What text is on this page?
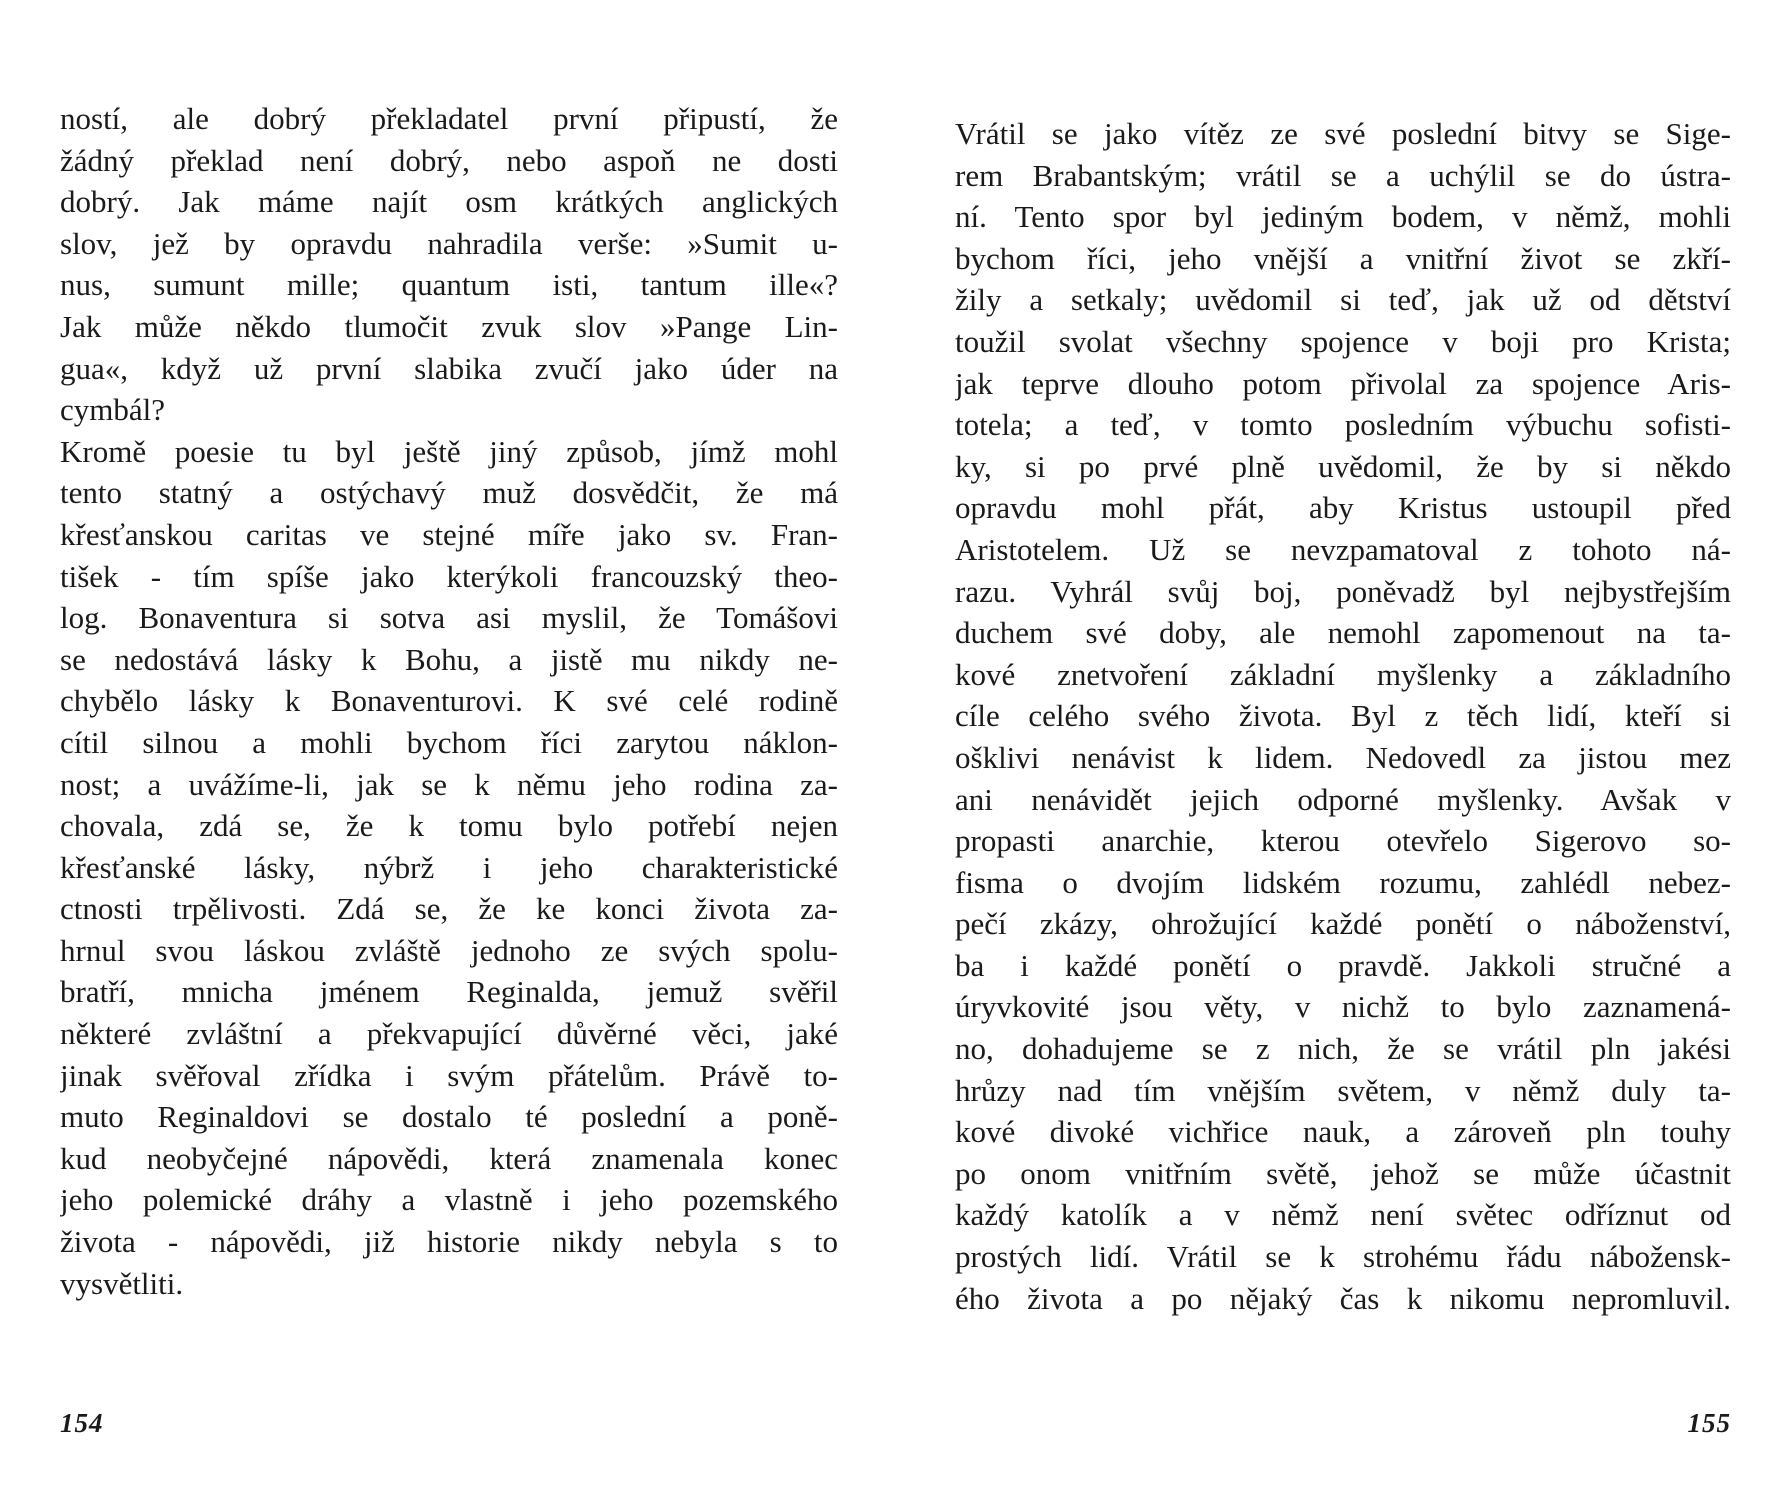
ností, ale dobrý překladatel první připustí, že
žádný překlad není dobrý, nebo aspoň ne dosti
dobrý. Jak máme najít osm krátkých anglických
slov, jež by opravdu nahradila verše: »Sumit u-
nus, sumunt mille; quantum isti, tantum ille«?
Jak může někdo tlumočit zvuk slov »Pange Lin-
gua«, když už první slabika zvučí jako úder na
cymbál?
Kromě poesie tu byl ještě jiný způsob, jímž mohl
tento statný a ostýchavý muž dosvědčit, že má
křesťanskou caritas ve stejné míře jako sv. Fran-
tišek - tím spíše jako kterýkoli francouzský theo-
log. Bonaventura si sotva asi myslil, že Tomášovi
se nedostává lásky k Bohu, a jistě mu nikdy ne-
chybělo lásky k Bonaventurovi. K své celé rodině
cítil silnou a mohli bychom říci zarytou náklon-
nost; a uvážíme-li, jak se k němu jeho rodina za-
chovala, zdá se, že k tomu bylo potřebí nejen
křesťanské lásky, nýbrž i jeho charakteristické
ctnosti trpělivosti. Zdá se, že ke konci života za-
hrnul svou láskou zvláště jednoho ze svých spolu-
bratří, mnicha jménem Reginalda, jemuž svěřil
některé zvláštní a překvapující důvěrné věci, jaké
jinak svěřoval zřídka i svým přátelům. Právě to-
muto Reginaldovi se dostalo té poslední a poně-
kud neobyčejné nápovědi, která znamenala konec
jeho polemické dráhy a vlastně i jeho pozemského
života - nápovědi, již historie nikdy nebyla s to
vysvětliti.
154
Vrátil se jako vítěz ze své poslední bitvy se Sige-
rem Brabantským; vrátil se a uchýlil se do ústra-
ní. Tento spor byl jediným bodem, v němž, mohli
bychom říci, jeho vnější a vnitřní život se zkří-
žily a setkaly; uvědomil si teď, jak už od dětství
toužil svolat všechny spojence v boji pro Krista;
jak teprve dlouho potom přivolal za spojence Aris-
totela; a teď, v tomto posledním výbuchu sofisti-
ky, si po prvé plně uvědomil, že by si někdo
opravdu mohl přát, aby Kristus ustoupil před
Aristotelem. Už se nevzpamatoval z tohoto ná-
razu. Vyhrál svůj boj, poněvadž byl nejbystřejším
duchem své doby, ale nemohl zapomenout na ta-
kové znetvoření základní myšlenky a základního
cíle celého svého života. Byl z těch lidí, kteří si
ošklivi nenávist k lidem. Nedovedl za jistou mez
ani nenávidět jejich odporné myšlenky. Avšak v
propasti anarchie, kterou otevřelo Sigerovo so-
fisma o dvojím lidském rozumu, zahlédl nebez-
pečí zkázy, ohrožující každé ponětí o náboženství,
ba i každé ponětí o pravdě. Jakkoli stručné a
úryvkovité jsou věty, v nichž to bylo zaznamená-
no, dohadujeme se z nich, že se vrátil pln jakési
hrůzy nad tím vnějším světem, v němž duly ta-
kové divoké vichřice nauk, a zároveň pln touhy
po onom vnitřním světě, jehož se může účastnit
každý katolík a v němž není světec odříznut od
prostých lidí. Vrátil se k strohému řádu nábožensk-
ého života a po nějaký čas k nikomu nepromluvil.
155
